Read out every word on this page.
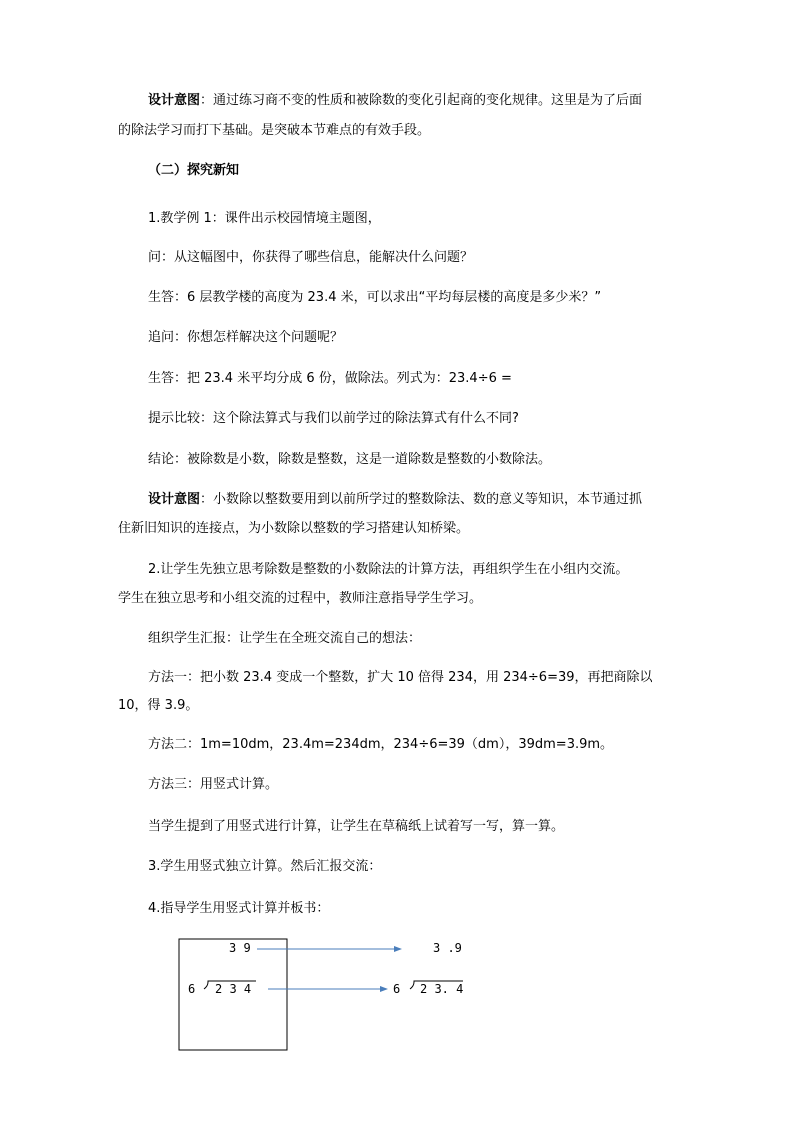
设计意图：通过练习商不变的性质和被除数的变化引起商的变化规律。这里是为了后面
的除法学习而打下基础。是突破本节难点的有效手段。
（二）探究新知
1.教学例 1：课件出示校园情境主题图，
问：从这幅图中，你获得了哪些信息，能解决什么问题？
生答：6 层教学楼的高度为 23.4 米，可以求出“平均每层楼的高度是多少米？”
追问：你想怎样解决这个问题呢？
生答：把 23.4 米平均分成 6 份，做除法。列式为：23.4÷6 =
提示比较：这个除法算式与我们以前学过的除法算式有什么不同?
结论：被除数是小数，除数是整数，这是一道除数是整数的小数除法。
设计意图：小数除以整数要用到以前所学过的整数除法、数的意义等知识，本节通过抓
住新旧知识的连接点，为小数除以整数的学习搭建认知桥梁。
2.让学生先独立思考除数是整数的小数除法的计算方法，再组织学生在小组内交流。
学生在独立思考和小组交流的过程中，教师注意指导学生学习。
组织学生汇报：让学生在全班交流自己的想法：
方法一：把小数 23.4 变成一个整数，扩大 10 倍得 234，用 234÷6=39，再把商除以
10，得 3.9。
方法二：1m=10dm，23.4m=234dm，234÷6=39（dm），39dm=3.9m。
方法三：用竖式计算。
当学生提到了用竖式进行计算，让学生在草稿纸上试着写一写，算一算。
3.学生用竖式独立计算。然后汇报交流：
4.指导学生用竖式计算并板书：
3 9
6 2 3 4
3 .9
6 2 3. 4
